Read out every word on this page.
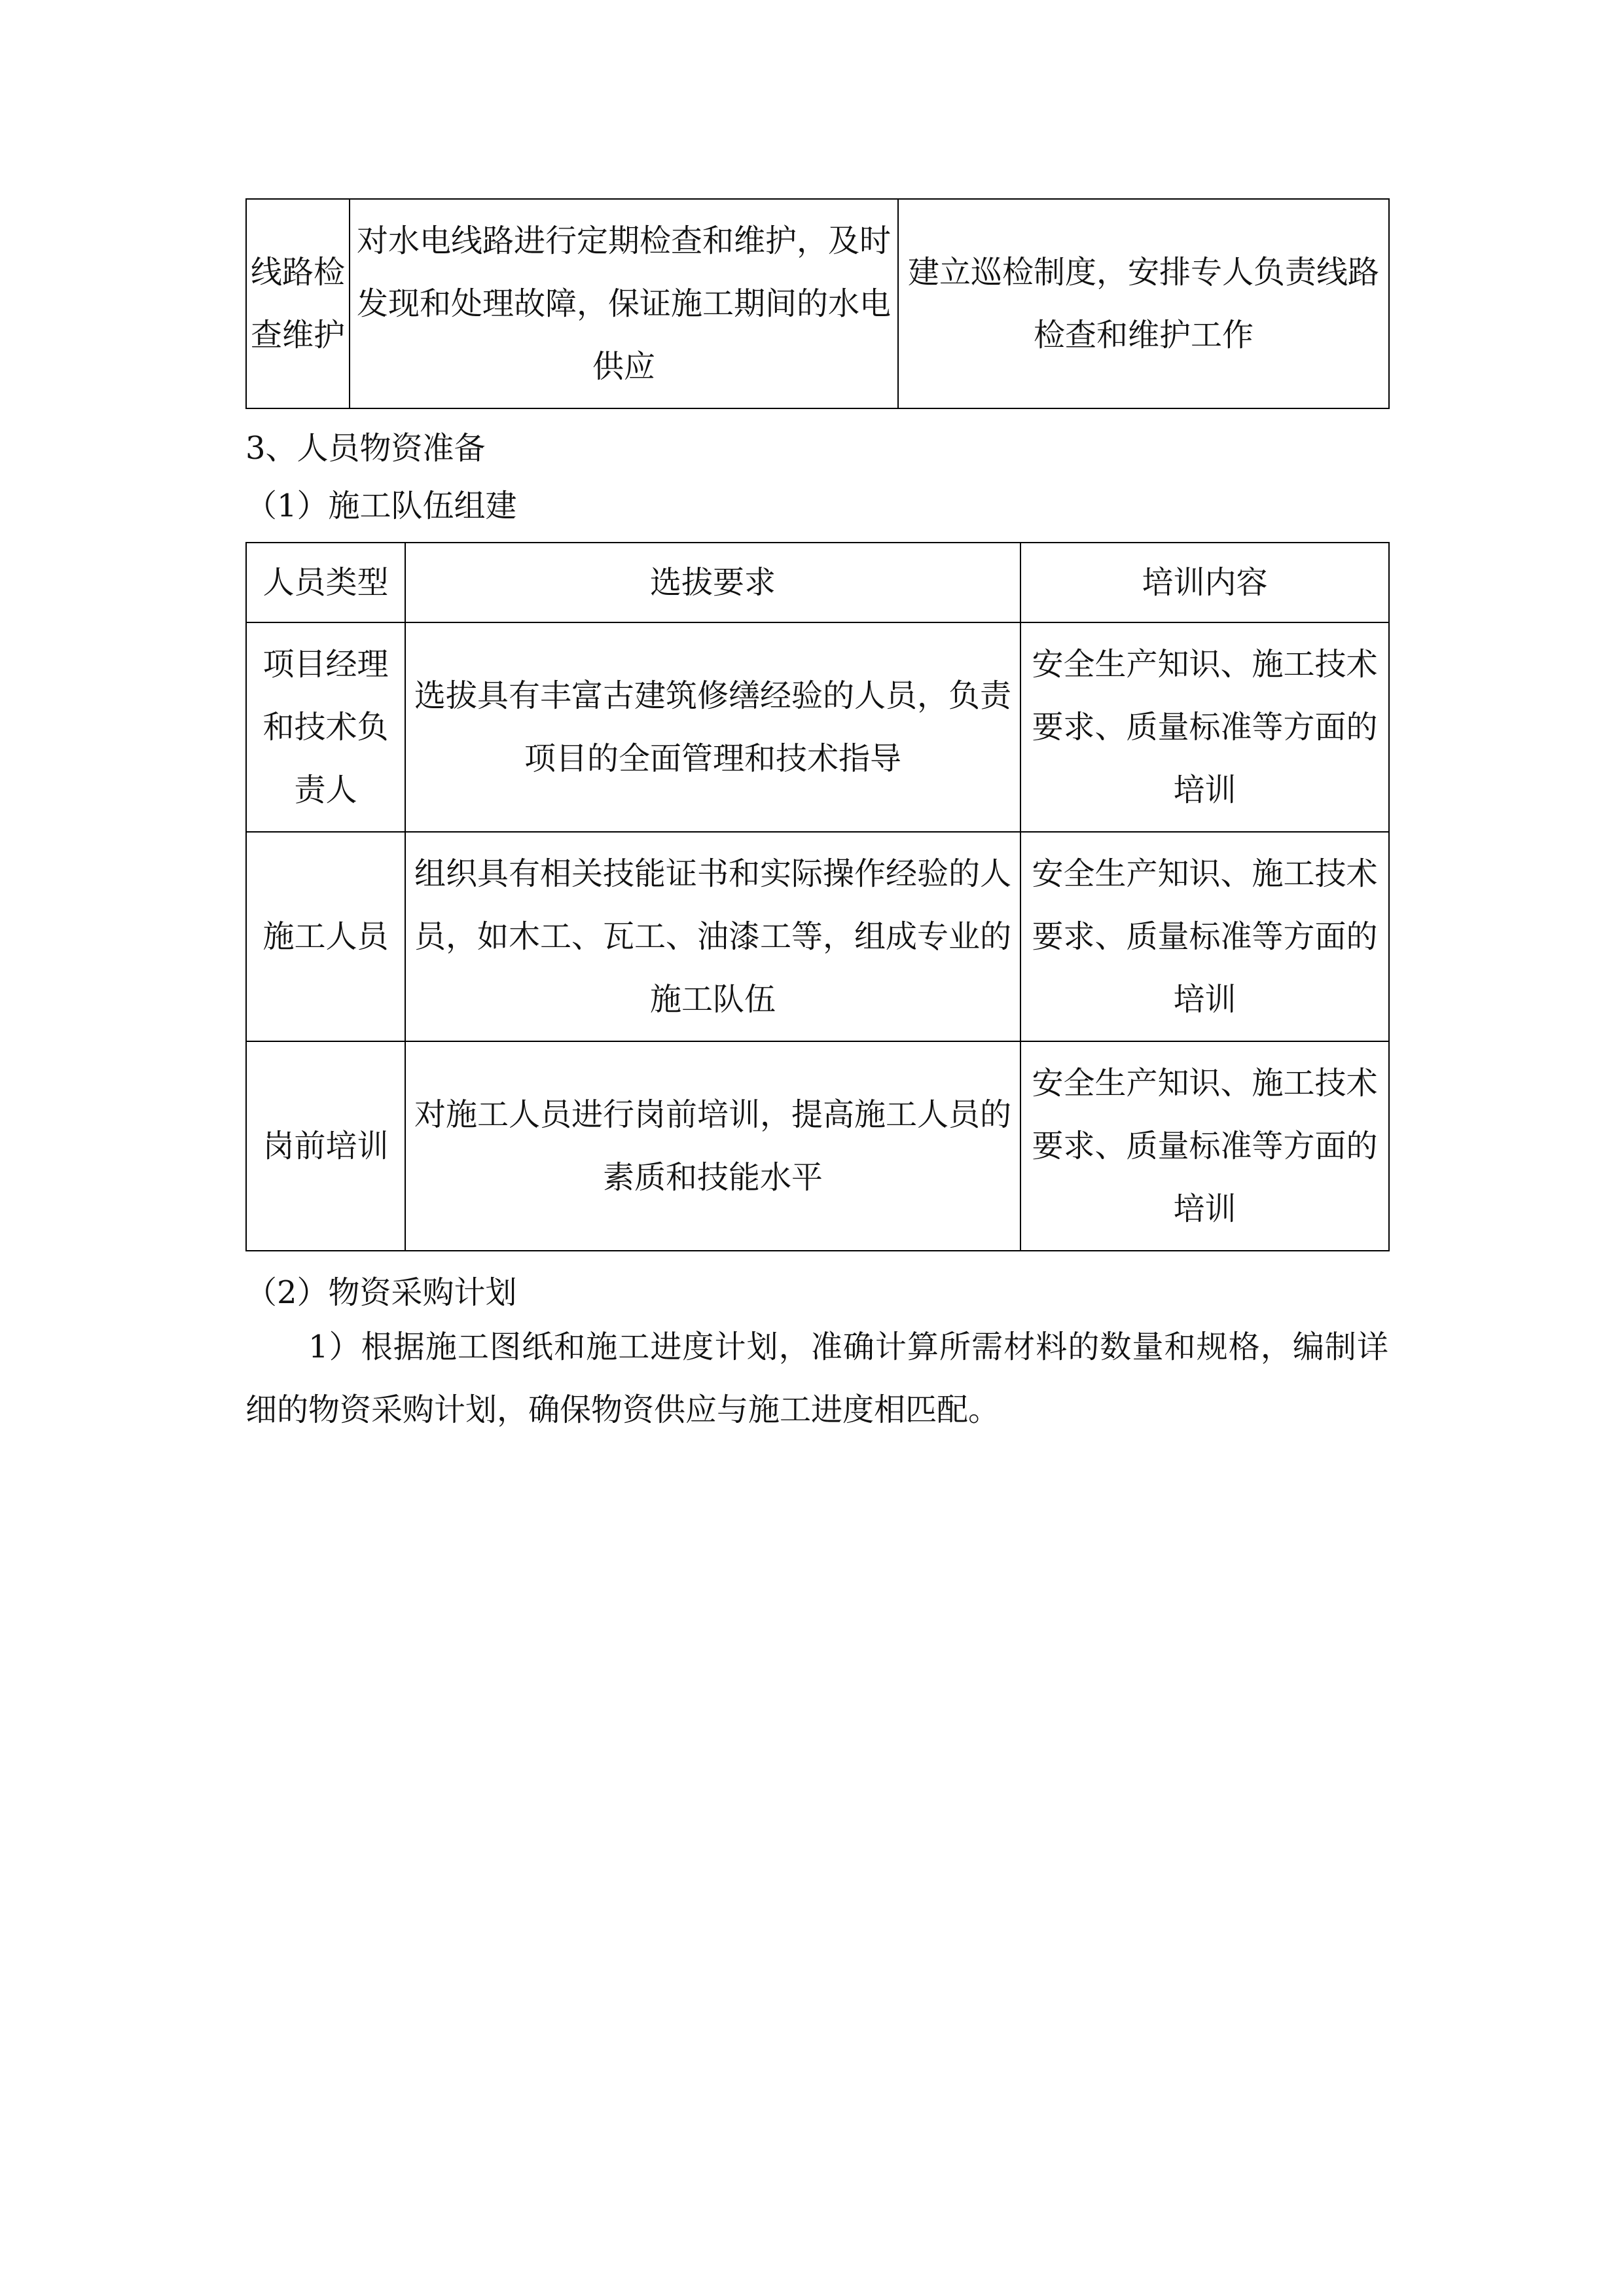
线路检查维护	对水电线路进行定期检查和维护，及时发现和处理故障，保证施工期间的水电供应	建立巡检制度，安排专人负责线路检查和维护工作
3、人员物资准备
（1）施工队伍组建
人员类型	选拔要求	培训内容
项目经理和技术负责人	选拔具有丰富古建筑修缮经验的人员，负责项目的全面管理和技术指导	安全生产知识、施工技术要求、质量标准等方面的培训
施工人员	组织具有相关技能证书和实际操作经验的人员，如木工、瓦工、油漆工等，组成专业的施工队伍	安全生产知识、施工技术要求、质量标准等方面的培训
岗前培训	对施工人员进行岗前培训，提高施工人员的素质和技能水平	安全生产知识、施工技术要求、质量标准等方面的培训
（2）物资采购计划
1）根据施工图纸和施工进度计划，准确计算所需材料的数量和规格，编制详细的物资采购计划，确保物资供应与施工进度相匹配。
